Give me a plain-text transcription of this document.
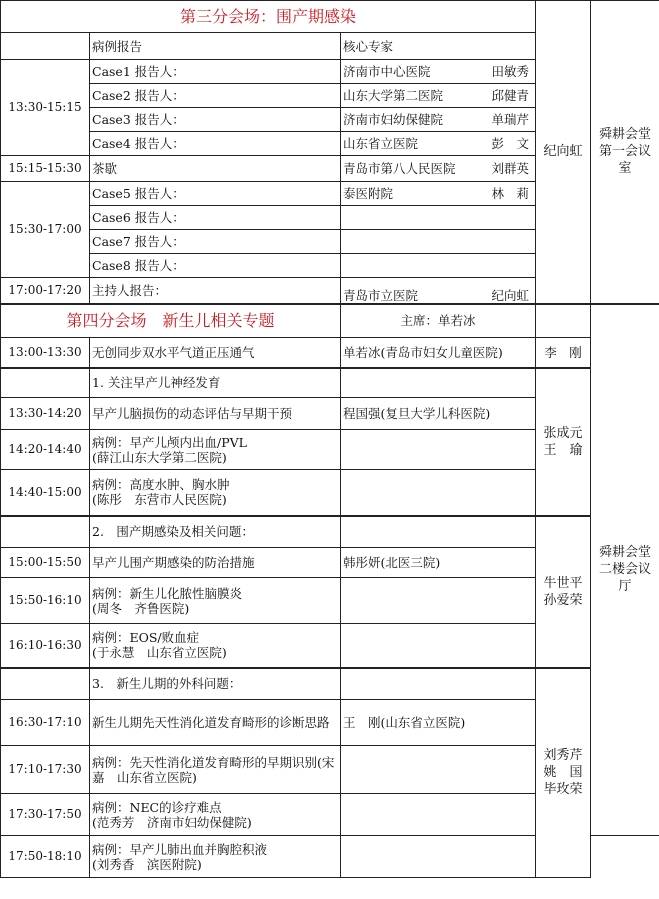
第三分会场：围产期感染			纪向虹	舜耕会堂第一会议室
	病例报告	核心专家		
13:30-15:15	Case1 报告人：	济南市中心医院 田敏秀		

	Case2 报告人：	山东大学第二医院 邱健青		

	Case3 报告人：	济南市妇幼保健院 单瑞芹		

	Case4 报告人：	山东省立医院 彭　文		

15:15-15:30	茶歇	青岛市第八人民医院 刘群英		

15:30-17:00	Case5 报告人：	泰医附院 林　莉		

	Case6 报告人：			
	Case7 报告人：			
	Case8 报告人：			
17:00-17:20	主持人报告：	青岛市立医院 纪向虹		

第四分会场　新生儿相关专题		主席：单若冰		舜耕会堂二楼会议厅
13:00-13:30	无创同步双水平气道正压通气	单若冰(青岛市妇女儿童医院)	李　刚	
	1. 关注早产儿神经发育		张成元
王　瑜	
13:30-14:20	早产儿脑损伤的动态评估与早期干预	程国强(复旦大学儿科医院)		
14:20-14:40	病例：早产儿颅内出血/PVL
(薛江山东大学第二医院)			
14:40-15:00	病例：高度水肿、胸水肿
(陈彤　东营市人民医院)			
	2.　围产期感染及相关问题：		牛世平
孙爱荣	
15:00-15:50	早产儿围产期感染的防治措施	韩彤妍(北医三院)		
15:50-16:10	病例：新生儿化脓性脑膜炎
(周冬　齐鲁医院)			
16:10-16:30	病例：EOS/败血症
(于永慧　山东省立医院)			
	3.　新生儿期的外科问题：		刘秀芹
姚　国
毕玫荣	
16:30-17:10	新生儿期先天性消化道发育畸形的诊断思路	王　刚(山东省立医院)		
17:10-17:30	病例：先天性消化道发育畸形的早期识别(宋嘉　山东省立医院)			
17:30-17:50	病例：NEC的诊疗难点
(范秀芳　济南市妇幼保健院)			
17:50-18:10	病例：早产儿肺出血并胸腔积液
(刘秀香　滨医附院)			
